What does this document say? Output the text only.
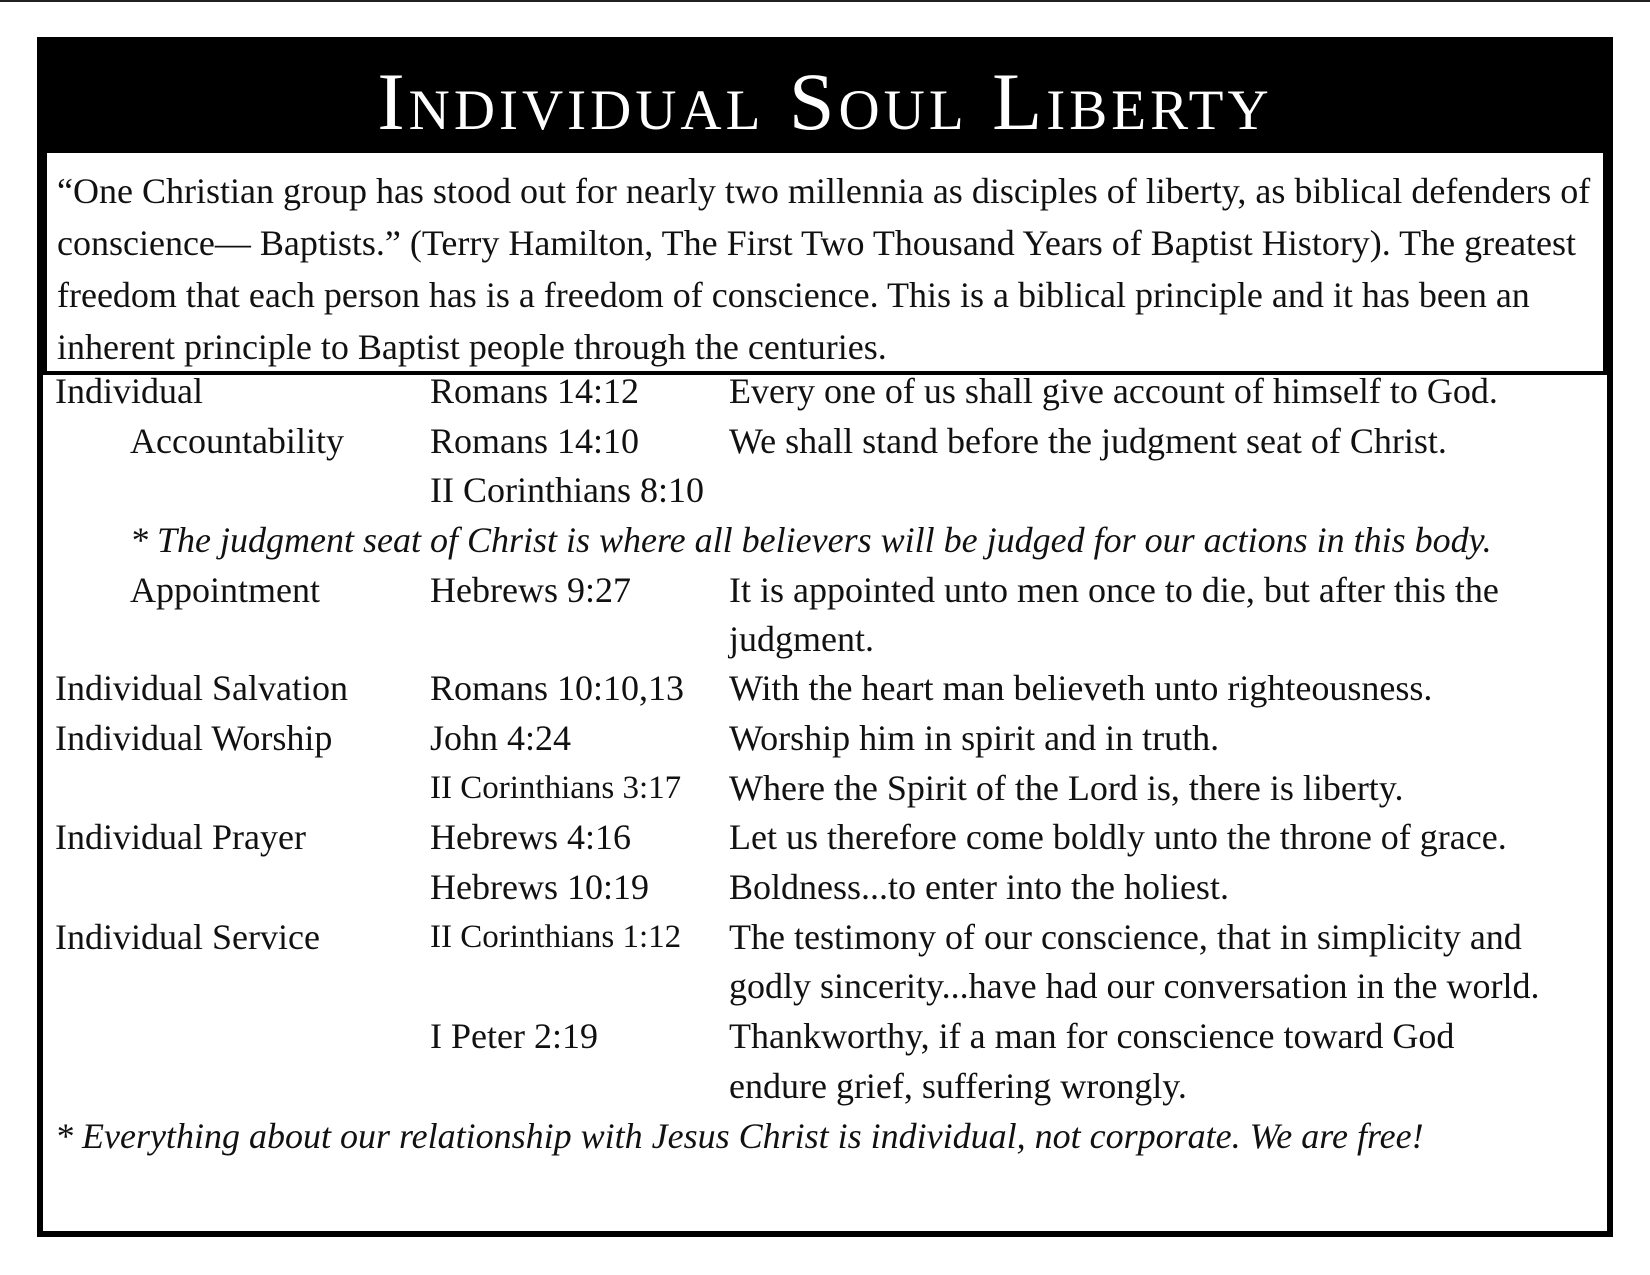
Individual Soul Liberty
“One Christian group has stood out for nearly two millennia as disciples of liberty, as biblical defenders of conscience— Baptists.” (Terry Hamilton, The First Two Thousand Years of Baptist History). The greatest freedom that each person has is a freedom of conscience. This is a biblical principle and it has been an inherent principle to Baptist people through the centuries.
Individual	Romans 14:12 Every one of us shall give account of himself to God.
Accountability Romans 14:10 We shall stand before the judgment seat of Christ.
II Corinthians 8:10
* The judgment seat of Christ is where all believers will be judged for our actions in this body.
Appointment	Hebrews 9:27	It is appointed unto men once to die, but after this the
judgment.
Individual Salvation Romans 10:10,13 With the heart man believeth unto righteousness.
Individual Worship	John 4:24	Worship him in spirit and in truth.
II Corinthians 3:17 Where the Spirit of the Lord is, there is liberty.
Individual Prayer	Hebrews 4:16	Let us therefore come boldly unto the throne of grace.
Hebrews 10:19 Boldness...to enter into the holiest.
Individual Service	II Corinthians 1:12 The testimony of our conscience, that in simplicity and
godly sincerity...have had our conversation in the world.
I Peter 2:19	Thankworthy, if a man for conscience toward God
endure grief, suffering wrongly.
* Everything about our relationship with Jesus Christ is individual, not corporate. We are free!
